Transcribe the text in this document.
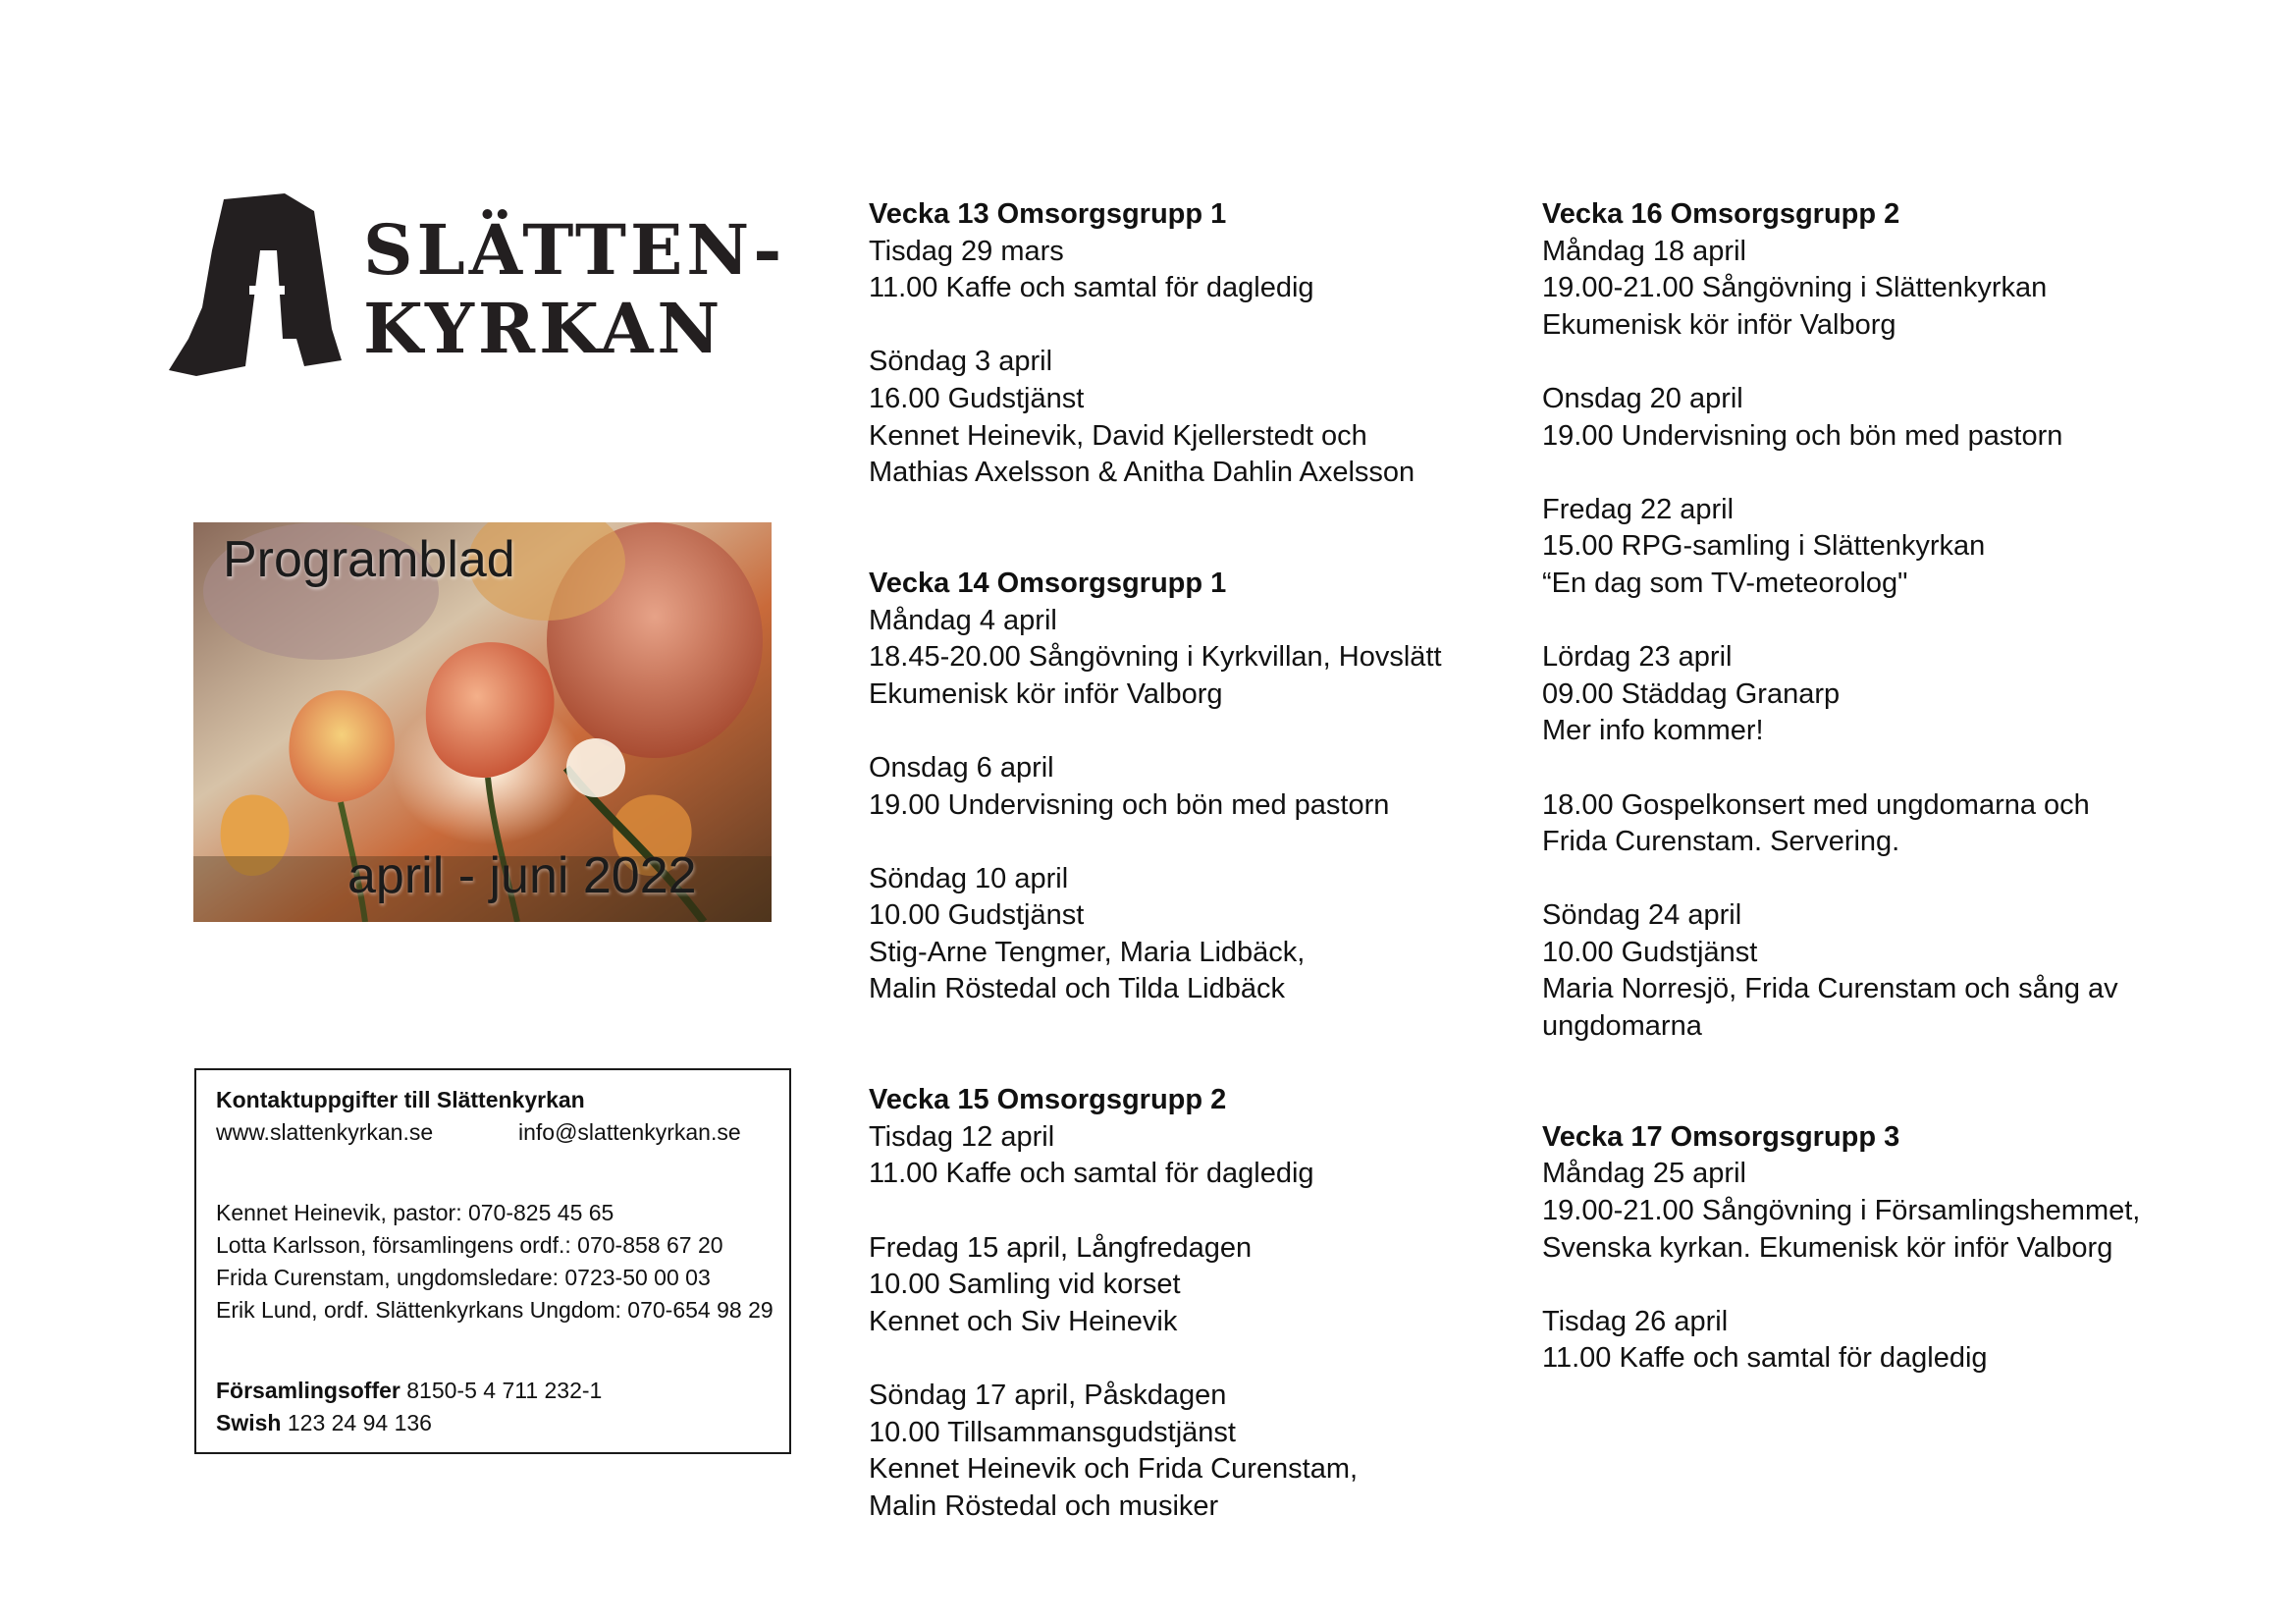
SLÄTTEN-
KYRKAN
Programblad
april - juni 2022
Kontaktuppgifter till Slättenkyrkan
www.slattenkyrkan.se	info@slattenkyrkan.se
Kennet Heinevik, pastor: 070-825 45 65
Lotta Karlsson, församlingens ordf.: 070-858 67 20
Frida Curenstam, ungdomsledare: 0723-50 00 03
Erik Lund, ordf. Slättenkyrkans Ungdom: 070-654 98 29
Församlingsoffer 8150-5 4 711 232-1
Swish 123 24 94 136
Vecka 13 Omsorgsgrupp 1
Tisdag 29 mars
11.00 Kaffe och samtal för dagledig
Söndag 3 april
16.00 Gudstjänst
Kennet Heinevik, David Kjellerstedt och
Mathias Axelsson & Anitha Dahlin Axelsson
Vecka 14 Omsorgsgrupp 1
Måndag 4 april
18.45-20.00 Sångövning i Kyrkvillan, Hovslätt
Ekumenisk kör inför Valborg
Onsdag 6 april
19.00 Undervisning och bön med pastorn
Söndag 10 april
10.00 Gudstjänst
Stig-Arne Tengmer, Maria Lidbäck,
Malin Röstedal och Tilda Lidbäck
Vecka 15 Omsorgsgrupp 2
Tisdag 12 april
11.00 Kaffe och samtal för dagledig
Fredag 15 april, Långfredagen
10.00 Samling vid korset
Kennet och Siv Heinevik
Söndag 17 april, Påskdagen
10.00 Tillsammansgudstjänst
Kennet Heinevik och Frida Curenstam,
Malin Röstedal och musiker
Vecka 16 Omsorgsgrupp 2
Måndag 18 april
19.00-21.00 Sångövning i Slättenkyrkan
Ekumenisk kör inför Valborg
Onsdag 20 april
19.00 Undervisning och bön med pastorn
Fredag 22 april
15.00 RPG-samling i Slättenkyrkan
“En dag som TV-meteorolog"
Lördag 23 april
09.00 Städdag Granarp
Mer info kommer!
18.00 Gospelkonsert med ungdomarna och
Frida Curenstam. Servering.
Söndag 24 april
10.00 Gudstjänst
Maria Norresjö, Frida Curenstam och sång av
ungdomarna
Vecka 17 Omsorgsgrupp 3
Måndag 25 april
19.00-21.00 Sångövning i Församlingshemmet,
Svenska kyrkan. Ekumenisk kör inför Valborg
Tisdag 26 april
11.00 Kaffe och samtal för dagledig
